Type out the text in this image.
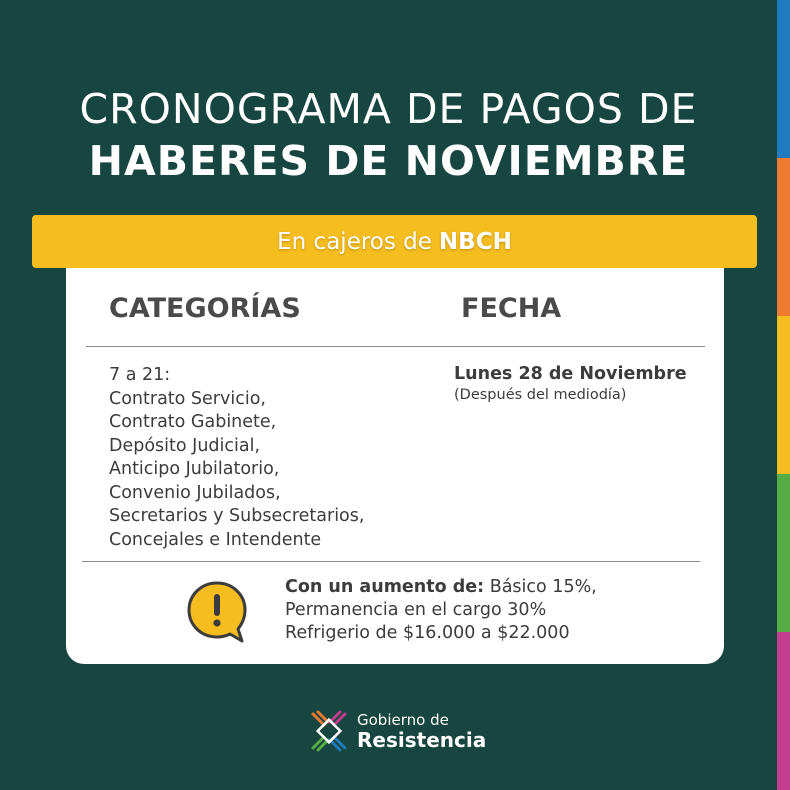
CRONOGRAMA DE PAGOS DE
HABERES DE NOVIEMBRE
En cajeros de NBCH
CATEGORÍAS	FECHA
7 a 21:
Contrato Servicio,
Contrato Gabinete,
Depósito Judicial,
Anticipo Jubilatorio,
Convenio Jubilados,
Secretarios y Subsecretarios,
Concejales e Intendente
Lunes 28 de Noviembre
(Después del mediodía)
Con un aumento de: Básico 15%,
Permanencia en el cargo 30%
Refrigerio de $16.000 a $22.000
Gobierno de
Resistencia
